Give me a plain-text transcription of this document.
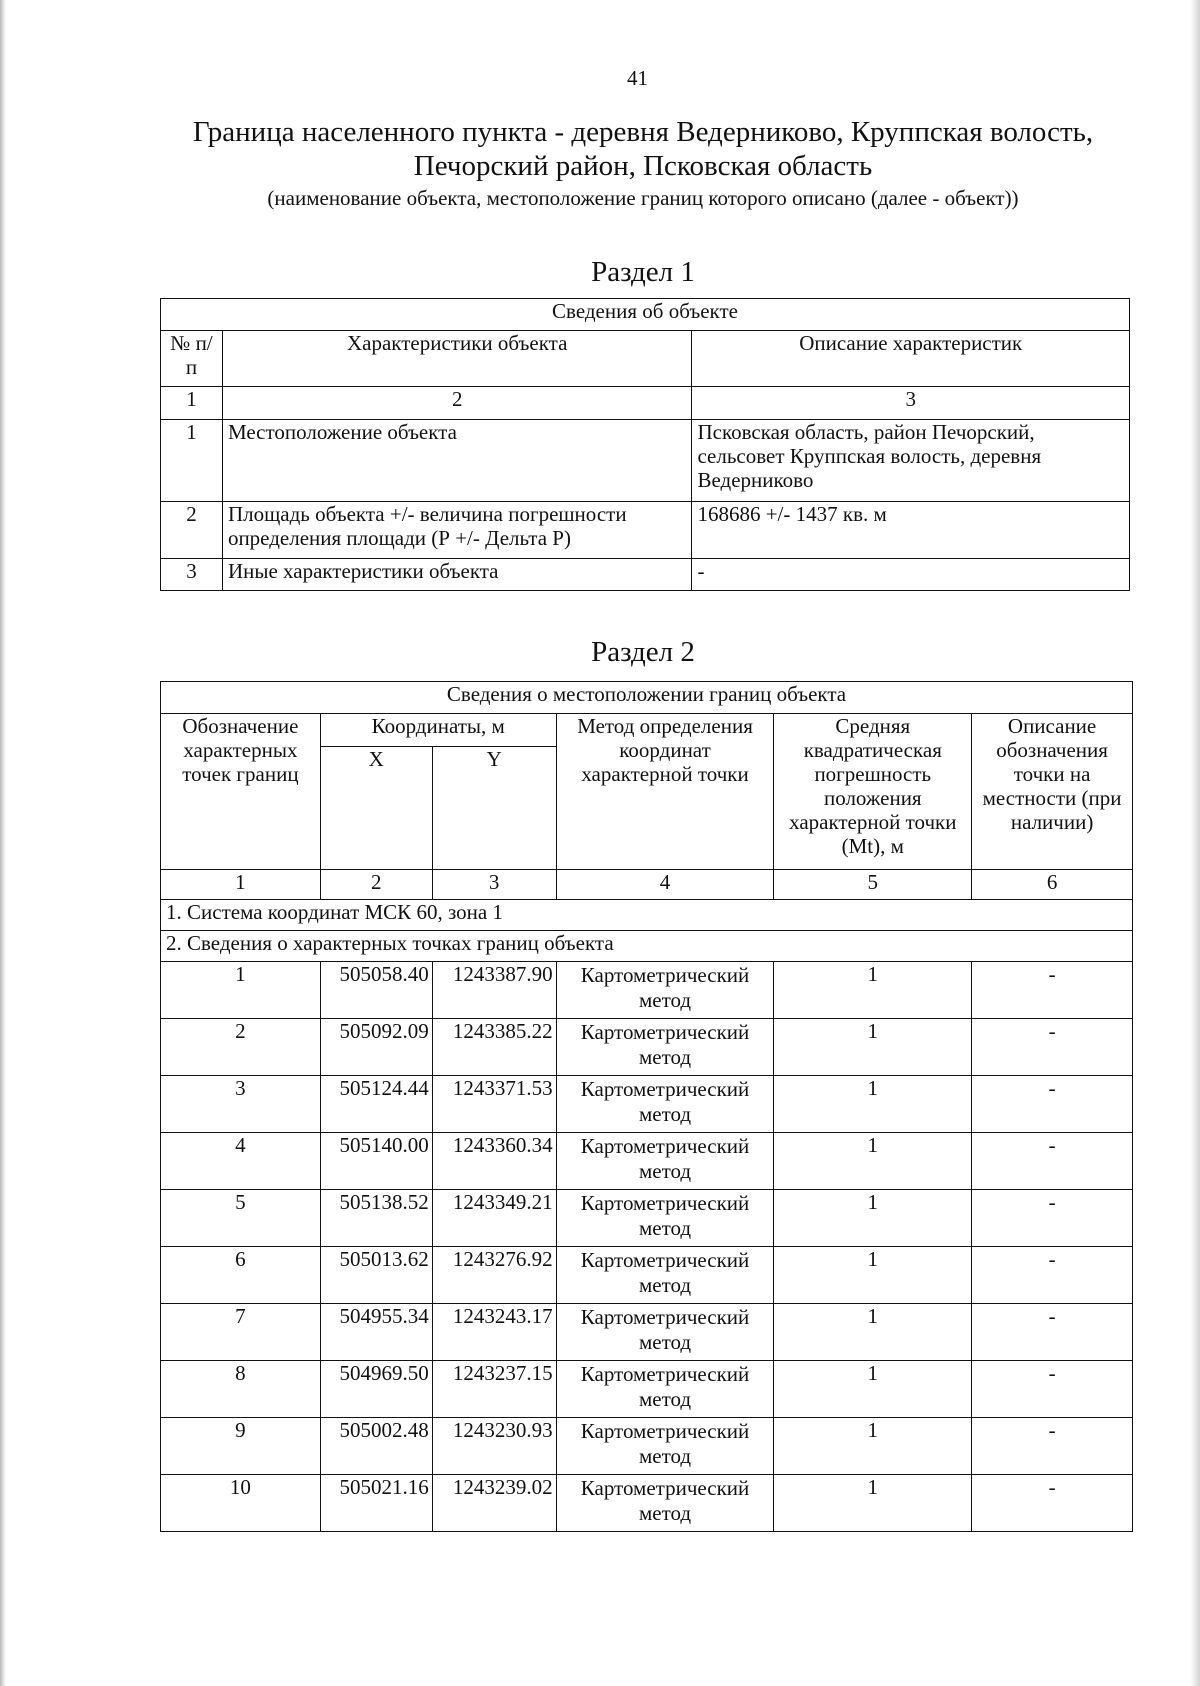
41
Граница населенного пункта - деревня Ведерниково, Круппская волость,
Печорский район, Псковская область
(наименование объекта, местоположение границ которого описано (далее - объект))
Раздел 1
Сведения об объекте		
№ п/п	Характеристики объекта	Описание характеристик
1	2	3
1	Местоположение объекта	Псковская область, район Печорский, сельсовет Круппская волость, деревня Ведерниково
2	Площадь объекта +/- величина погрешности определения площади (Р +/- Дельта Р)	168686 +/- 1437 кв. м
3	Иные характеристики объекта	-
Раздел 2
Сведения о местоположении границ объекта					
Обозначение характерных точек границ	Координаты, м		Метод определения координат характерной точки	Средняя квадратическая погрешность положения характерной точки (Mt), м	Описание обозначения точки на местности (при наличии)
	X	Y			
1	2	3	4	5	6
1. Система координат МСК 60, зона 1					
2. Сведения о характерных точках границ объекта					
1	505058.40	1243387.90	Картометрический метод	1	-
2	505092.09	1243385.22	Картометрический метод	1	-
3	505124.44	1243371.53	Картометрический метод	1	-
4	505140.00	1243360.34	Картометрический метод	1	-
5	505138.52	1243349.21	Картометрический метод	1	-
6	505013.62	1243276.92	Картометрический метод	1	-
7	504955.34	1243243.17	Картометрический метод	1	-
8	504969.50	1243237.15	Картометрический метод	1	-
9	505002.48	1243230.93	Картометрический метод	1	-
10	505021.16	1243239.02	Картометрический метод	1	-
